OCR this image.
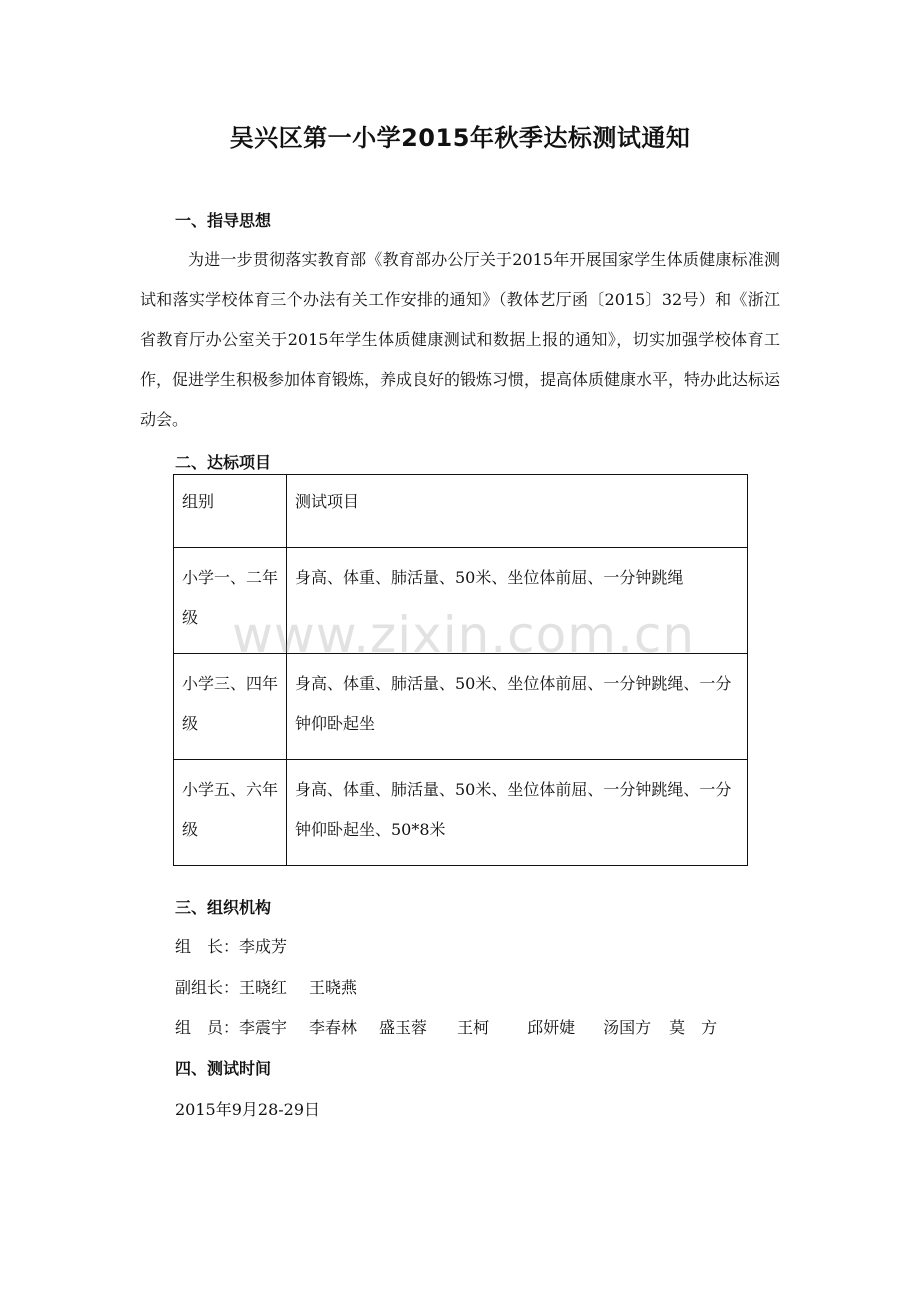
吴兴区第一小学2015年秋季达标测试通知
一、指导思想
为进一步贯彻落实教育部《教育部办公厅关于2015年开展国家学生体质健康标准测试和落实学校体育三个办法有关工作安排的通知》（教体艺厅函〔2015〕32号）和《浙江省教育厅办公室关于2015年学生体质健康测试和数据上报的通知》，切实加强学校体育工作，促进学生积极参加体育锻炼，养成良好的锻炼习惯，提高体质健康水平，特办此达标运动会。
二、达标项目
组别	测试项目
小学一、二年级	身高、体重、肺活量、50米、坐位体前屈、一分钟跳绳
小学三、四年级	身高、体重、肺活量、50米、坐位体前屈、一分钟跳绳、一分钟仰卧起坐
小学五、六年级	身高、体重、肺活量、50米、坐位体前屈、一分钟跳绳、一分钟仰卧起坐、50*8米
www.zixin.com.cn
三、组织机构
组　长：李成芳
副组长：王晓红 王晓燕
组　员：李震宇 李春林 盛玉蓉 王柯 邱妍婕 汤国方 莫　方
四、测试时间
2015年9月28-29日
